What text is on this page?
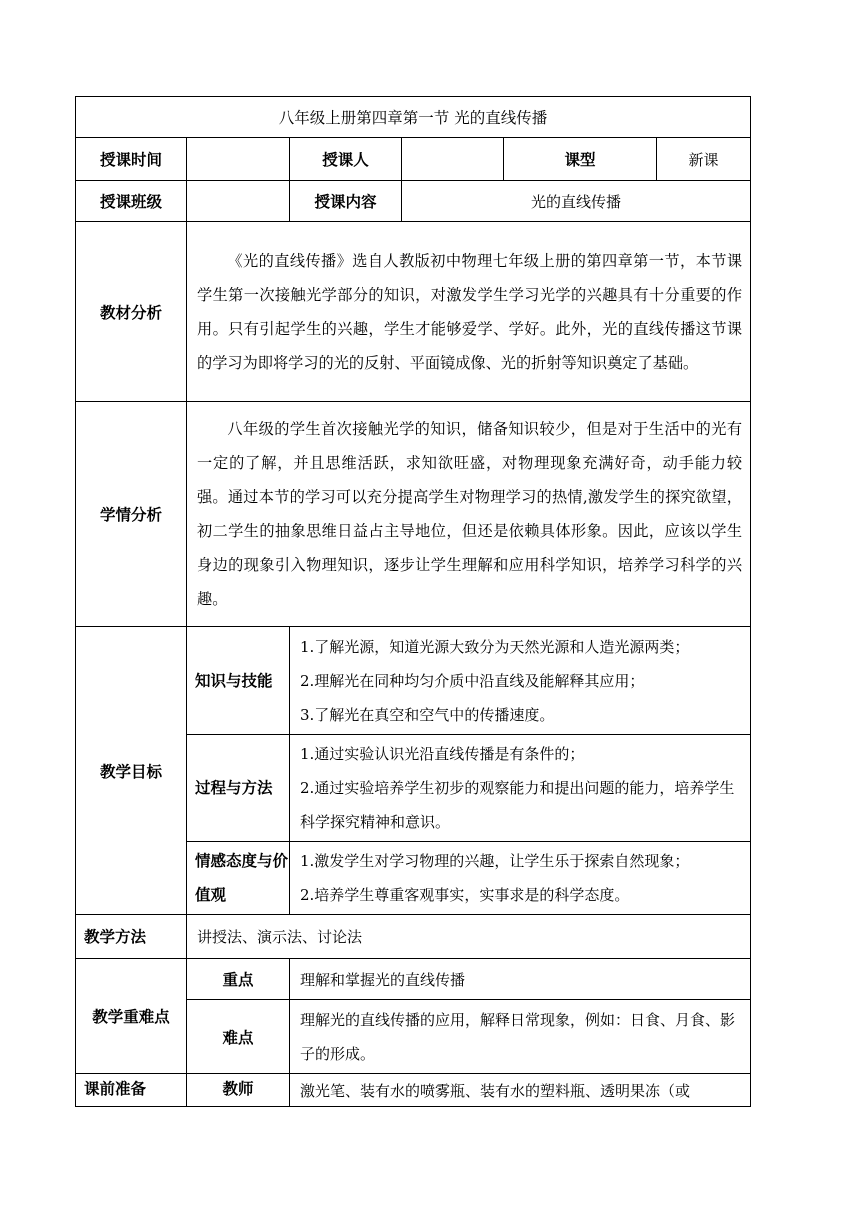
八年级上册第四章第一节 光的直线传播					
授课时间		授课人		课型	新课
授课班级		授课内容	光的直线传播		
教材分析	《光的直线传播》选自人教版初中物理七年级上册的第四章第一节，本节课学生第一次接触光学部分的知识，对激发学生学习光学的兴趣具有十分重要的作用。只有引起学生的兴趣，学生才能够爱学、学好。此外，光的直线传播这节课的学习为即将学习的光的反射、平面镜成像、光的折射等知识奠定了基础。				
学情分析	八年级的学生首次接触光学的知识，储备知识较少，但是对于生活中的光有一定的了解，并且思维活跃，求知欲旺盛，对物理现象充满好奇，动手能力较强。通过本节的学习可以充分提高学生对物理学习的热情,激发学生的探究欲望，初二学生的抽象思维日益占主导地位，但还是依赖具体形象。因此，应该以学生身边的现象引入物理知识，逐步让学生理解和应用科学知识，培养学习科学的兴趣。				
教学目标	知识与技能	1.了解光源，知道光源大致分为天然光源和人造光源两类；
2.理解光在同种均匀介质中沿直线及能解释其应用；
3.了解光在真空和空气中的传播速度。			

	过程与方法	1.通过实验认识光沿直线传播是有条件的；
2.通过实验培养学生初步的观察能力和提出问题的能力，培养学生科学探究精神和意识。			

	情感态度与价值观	1.激发学生对学习物理的兴趣，让学生乐于探索自然现象；
2.培养学生尊重客观事实，实事求是的科学态度。			

教学方法	讲授法、演示法、讨论法				
教学重难点	重点	理解和掌握光的直线传播			
	难点	理解光的直线传播的应用，解释日常现象，例如：日食、月食、影子的形成。			
课前准备	教师	激光笔、装有水的喷雾瓶、装有水的塑料瓶、透明果冻（或			
